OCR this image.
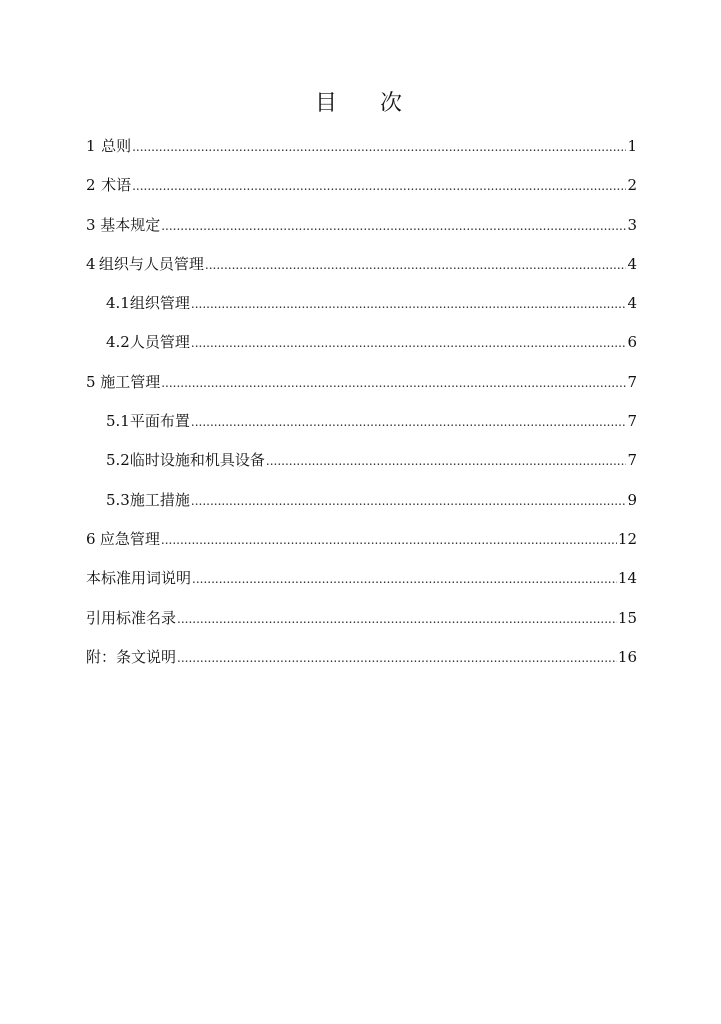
目 次
1 总则 .....	1
2 术语 .....	2
3 基本规定 .....	3
4 组织与人员管理 .....	4
4.1 组织管理 .....	4
4.2 人员管理 .....	6
5 施工管理 .....	7
5.1 平面布置 .....	7
5.2 临时设施和机具设备 .....	7
5.3 施工措施 .....	9
6 应急管理 .....	12
本标准用词说明 .....	14
引用标准名录 .....	15
附：条文说明 .....	16
